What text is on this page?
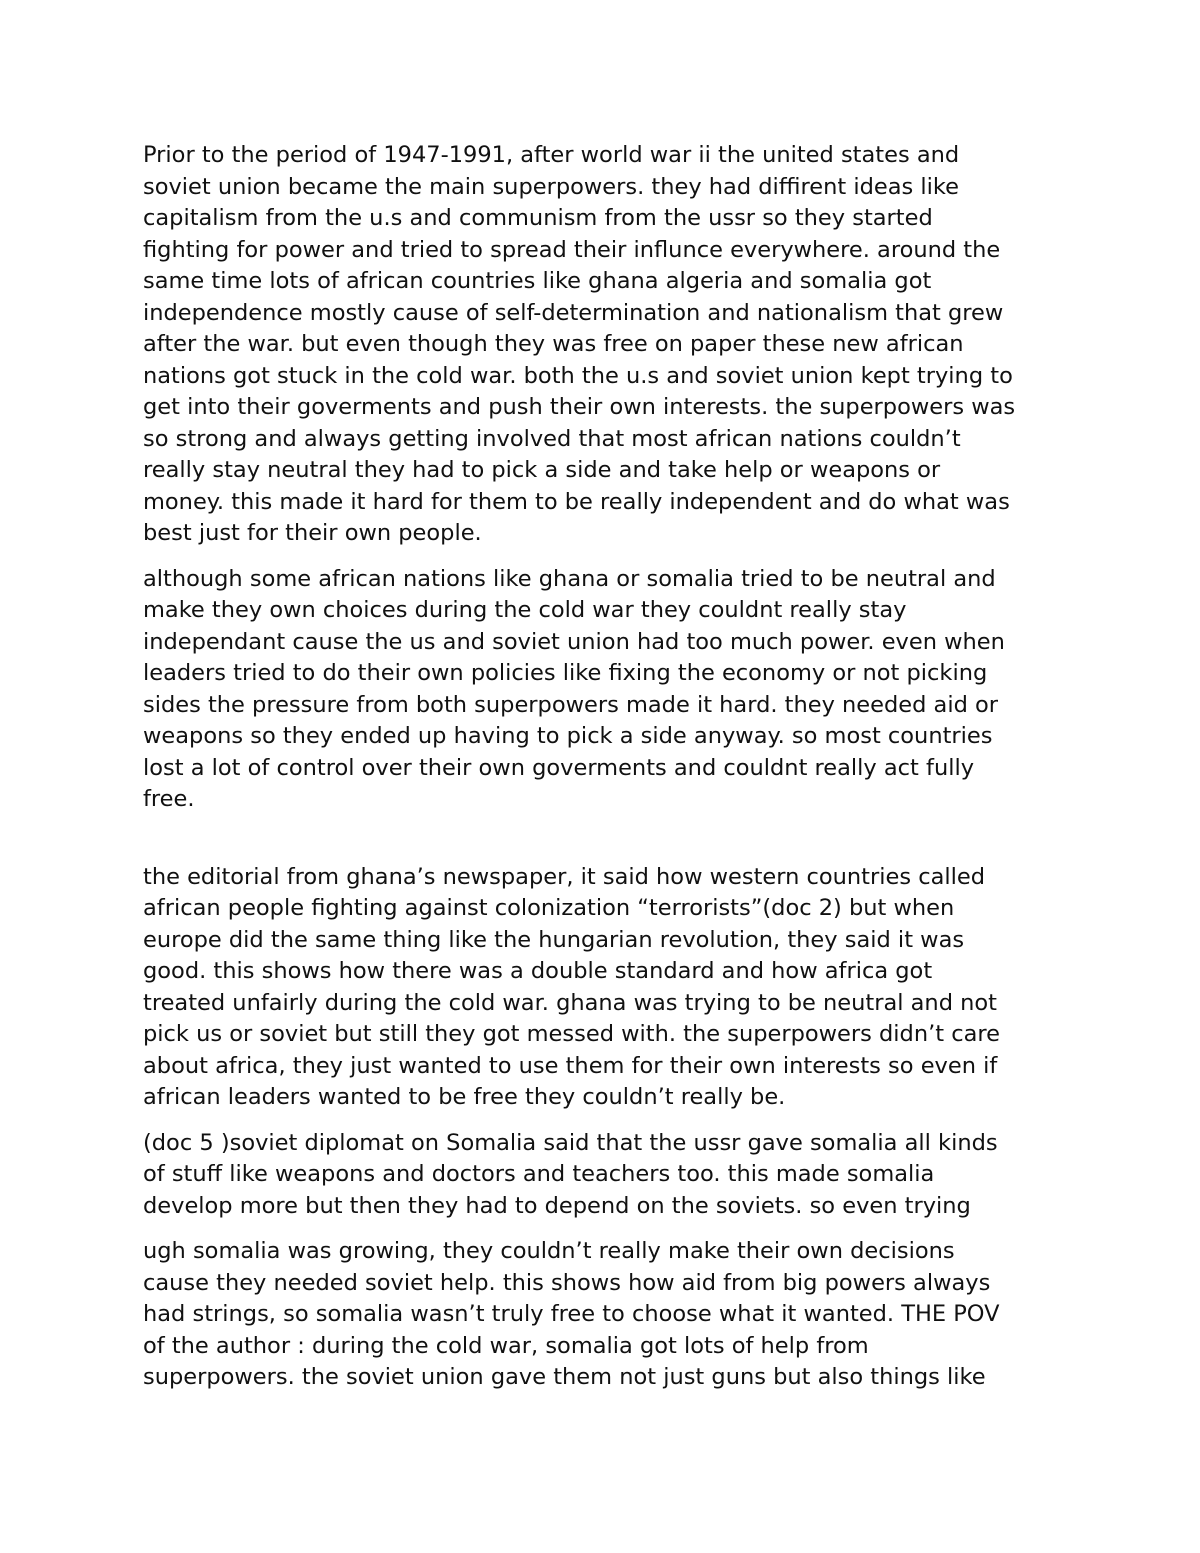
Prior to the period of 1947-1991, after world war ii the united states and
soviet union became the main superpowers. they had diffirent ideas like
capitalism from the u.s and communism from the ussr so they started
fighting for power and tried to spread their influnce everywhere. around the
same time lots of african countries like ghana algeria and somalia got
independence mostly cause of self-determination and nationalism that grew
after the war. but even though they was free on paper these new african
nations got stuck in the cold war. both the u.s and soviet union kept trying to
get into their goverments and push their own interests. the superpowers was
so strong and always getting involved that most african nations couldn’t
really stay neutral they had to pick a side and take help or weapons or
money. this made it hard for them to be really independent and do what was
best just for their own people.

although some african nations like ghana or somalia tried to be neutral and
make they own choices during the cold war they couldnt really stay
independant cause the us and soviet union had too much power. even when
leaders tried to do their own policies like fixing the economy or not picking
sides the pressure from both superpowers made it hard. they needed aid or
weapons so they ended up having to pick a side anyway. so most countries
lost a lot of control over their own goverments and couldnt really act fully
free.

the editorial from ghana’s newspaper, it said how western countries called
african people fighting against colonization “terrorists”(doc 2) but when
europe did the same thing like the hungarian revolution, they said it was
good. this shows how there was a double standard and how africa got
treated unfairly during the cold war. ghana was trying to be neutral and not
pick us or soviet but still they got messed with. the superpowers didn’t care
about africa, they just wanted to use them for their own interests so even if
african leaders wanted to be free they couldn’t really be.

(doc 5 )soviet diplomat on Somalia said that the ussr gave somalia all kinds
of stuff like weapons and doctors and teachers too. this made somalia
develop more but then they had to depend on the soviets. so even trying

ugh somalia was growing, they couldn’t really make their own decisions
cause they needed soviet help. this shows how aid from big powers always
had strings, so somalia wasn’t truly free to choose what it wanted. THE POV
of the author : during the cold war, somalia got lots of help from
superpowers. the soviet union gave them not just guns but also things like
